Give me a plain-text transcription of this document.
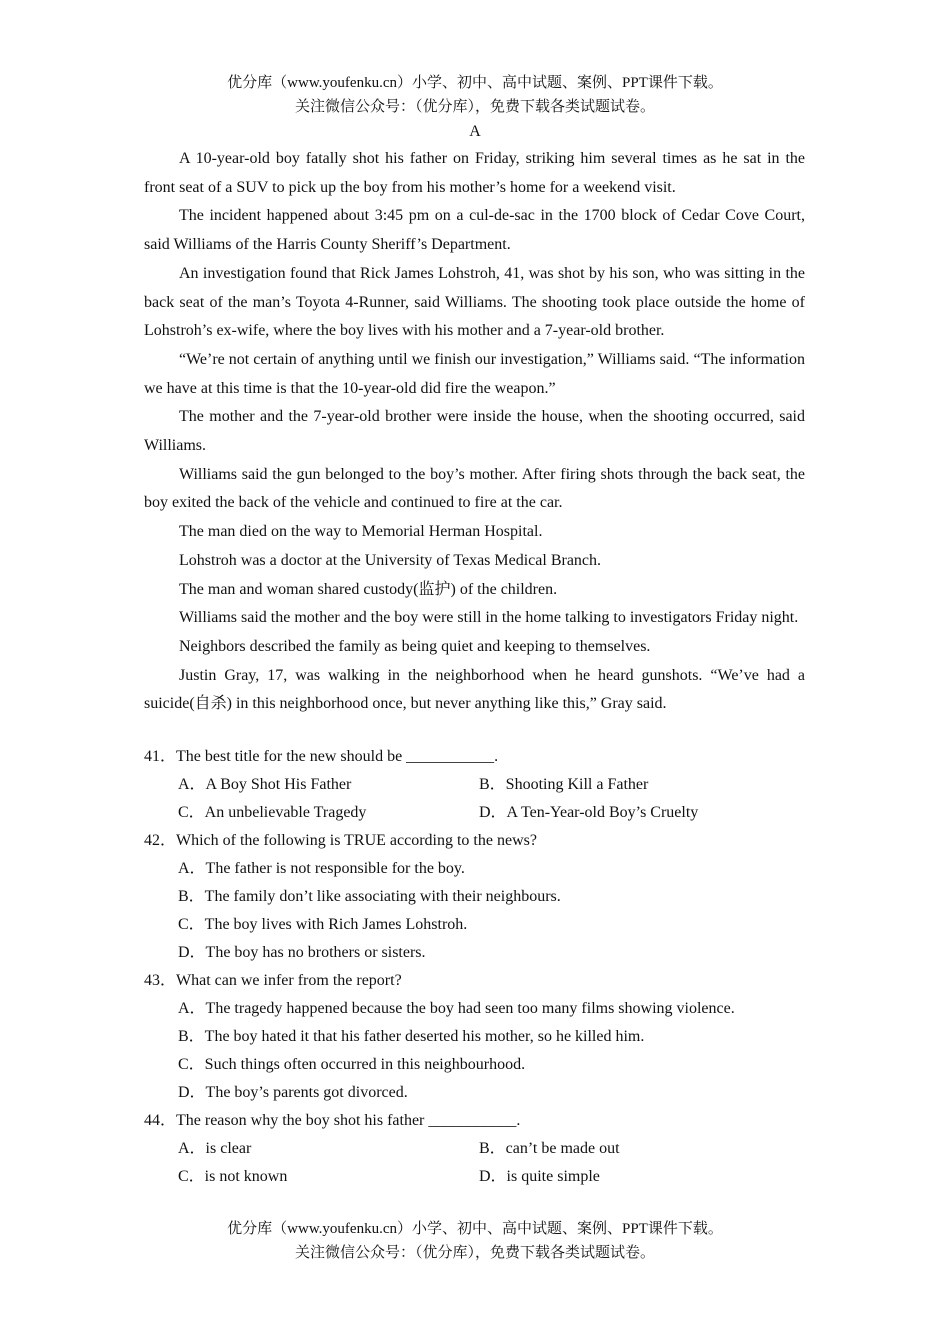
优分库（www.youfenku.cn）小学、初中、高中试题、案例、PPT课件下载。
关注微信公众号：（优分库），免费下载各类试题试卷。
A

A 10-year-old boy fatally shot his father on Friday, striking him several times as he sat in the front seat of a SUV to pick up the boy from his mother’s home for a weekend visit.

The incident happened about 3:45 pm on a cul-de-sac in the 1700 block of Cedar Cove Court, said Williams of the Harris County Sheriff’s Department.

An investigation found that Rick James Lohstroh, 41, was shot by his son, who was sitting in the back seat of the man’s Toyota 4-Runner, said Williams. The shooting took place outside the home of Lohstroh’s ex-wife, where the boy lives with his mother and a 7-year-old brother.

“We’re not certain of anything until we finish our investigation,” Williams said. “The information we have at this time is that the 10-year-old did fire the weapon.”

The mother and the 7-year-old brother were inside the house, when the shooting occurred, said Williams.

Williams said the gun belonged to the boy’s mother. After firing shots through the back seat, the boy exited the back of the vehicle and continued to fire at the car.

The man died on the way to Memorial Herman Hospital.

Lohstroh was a doctor at the University of Texas Medical Branch.

The man and woman shared custody(监护) of the children.

Williams said the mother and the boy were still in the home talking to investigators Friday night.

Neighbors described the family as being quiet and keeping to themselves.

Justin Gray, 17, was walking in the neighborhood when he heard gunshots. “We’ve had a suicide(自杀) in this neighborhood once, but never anything like this,” Gray said.

41．The best title for the new should be ___________.

A．A Boy Shot His Father	B．Shooting Kill a Father
C．An unbelievable Tragedy	D．A Ten-Year-old Boy’s Cruelty

42．Which of the following is TRUE according to the news?

A．The father is not responsible for the boy.

B．The family don’t like associating with their neighbours.

C．The boy lives with Rich James Lohstroh.

D．The boy has no brothers or sisters.

43．What can we infer from the report?

A．The tragedy happened because the boy had seen too many films showing violence.

B．The boy hated it that his father deserted his mother, so he killed him.

C．Such things often occurred in this neighbourhood.

D．The boy’s parents got divorced.

44．The reason why the boy shot his father ___________.

A．is clear	B．can’t be made out
C．is not known	D．is quite simple
优分库（www.youfenku.cn）小学、初中、高中试题、案例、PPT课件下载。
关注微信公众号：（优分库），免费下载各类试题试卷。
